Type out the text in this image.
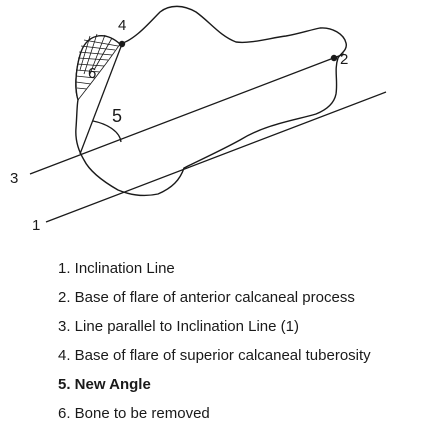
4
2
6
5
3
1
1. Inclination Line
2. Base of flare of anterior calcaneal process
3. Line parallel to Inclination Line (1)
4. Base of flare of superior calcaneal tuberosity
5. New Angle
6. Bone to be removed
